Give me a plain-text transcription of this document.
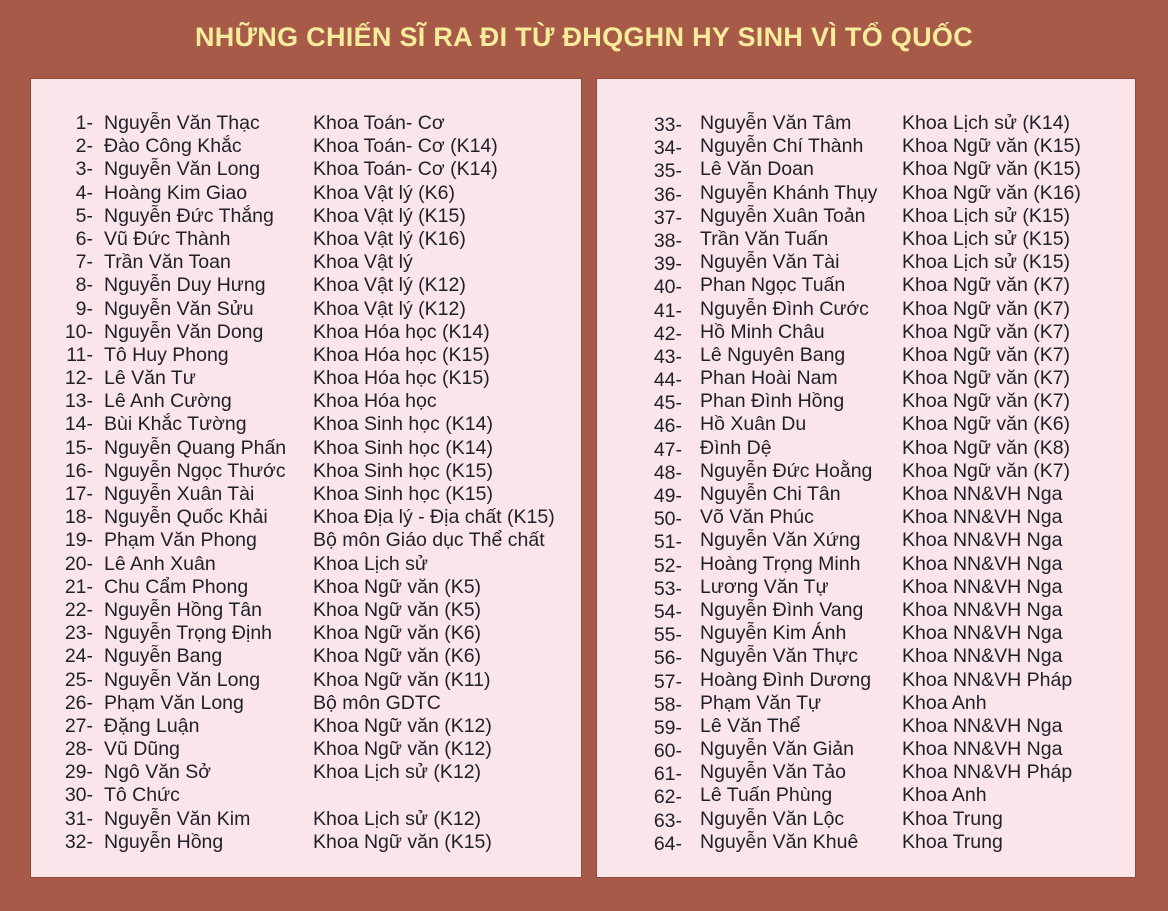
NHỮNG CHIẾN SĨ RA ĐI TỪ ĐHQGHN HY SINH VÌ TỔ QUỐC
1- Nguyễn Văn Thạc	Khoa Toán- Cơ
2- Đào Công Khắc	Khoa Toán- Cơ (K14)
3- Nguyễn Văn Long	Khoa Toán- Cơ (K14)
4- Hoàng Kim Giao	Khoa Vật lý (K6)
5- Nguyễn Đức Thắng Khoa Vật lý (K15)
6- Vũ Đức Thành	Khoa Vật lý (K16)
7- Trần Văn Toan	Khoa Vật lý
8- Nguyễn Duy Hưng Khoa Vật lý (K12)
9- Nguyễn Văn Sửu	Khoa Vật lý (K12)
10- Nguyễn Văn Dong	Khoa Hóa học (K14)
11- Tô Huy Phong	Khoa Hóa học (K15)
12- Lê Văn Tư	Khoa Hóa học (K15)
13- Lê Anh Cường	Khoa Hóa học
14- Bùi Khắc Tường	Khoa Sinh học (K14)
15- Nguyễn Quang Phấn Khoa Sinh học (K14)
16- Nguyễn Ngọc Thước Khoa Sinh học (K15)
17- Nguyễn Xuân Tài	Khoa Sinh học (K15)
18- Nguyễn Quốc Khải Khoa Địa lý - Địa chất (K15)
19- Phạm Văn Phong	Bộ môn Giáo dục Thể chất
20- Lê Anh Xuân	Khoa Lịch sử
21- Chu Cẩm Phong	Khoa Ngữ văn (K5)
22- Nguyễn Hồng Tân	Khoa Ngữ văn (K5)
23- Nguyễn Trọng Định Khoa Ngữ văn (K6)
24- Nguyễn Bang	Khoa Ngữ văn (K6)
25- Nguyễn Văn Long	Khoa Ngữ văn (K11)
26- Phạm Văn Long	Bộ môn GDTC
27- Đặng Luận	Khoa Ngữ văn (K12)
28- Vũ Dũng	Khoa Ngữ văn (K12)
29- Ngô Văn Sở	Khoa Lịch sử (K12)
30- Tô Chức
31- Nguyễn Văn Kim	Khoa Lịch sử (K12)
32- Nguyễn Hồng	Khoa Ngữ văn (K15)
33- Nguyễn Văn Tâm	Khoa Lịch sử (K14)
34- Nguyễn Chí Thành Khoa Ngữ văn (K15)
35- Lê Văn Doan	Khoa Ngữ văn (K15)
36- Nguyễn Khánh Thụy Khoa Ngữ văn (K16)
37- Nguyễn Xuân Toản Khoa Lịch sử (K15)
38- Trần Văn Tuấn	Khoa Lịch sử (K15)
39- Nguyễn Văn Tài	Khoa Lịch sử (K15)
40- Phan Ngọc Tuấn	Khoa Ngữ văn (K7)
41- Nguyễn Đình Cước Khoa Ngữ văn (K7)
42- Hồ Minh Châu	Khoa Ngữ văn (K7)
43- Lê Nguyên Bang	Khoa Ngữ văn (K7)
44- Phan Hoài Nam	Khoa Ngữ văn (K7)
45- Phan Đình Hồng	Khoa Ngữ văn (K7)
46- Hồ Xuân Du	Khoa Ngữ văn (K6)
47- Đình Dệ	Khoa Ngữ văn (K8)
48- Nguyễn Đức Hoằng Khoa Ngữ văn (K7)
49- Nguyễn Chi Tân	Khoa NN&VH Nga
50- Võ Văn Phúc	Khoa NN&VH Nga
51- Nguyễn Văn Xứng Khoa NN&VH Nga
52- Hoàng Trọng Minh Khoa NN&VH Nga
53- Lương Văn Tự	Khoa NN&VH Nga
54- Nguyễn Đình Vang Khoa NN&VH Nga
55- Nguyễn Kim Ánh	Khoa NN&VH Nga
56- Nguyễn Văn Thực Khoa NN&VH Nga
57- Hoàng Đình Dương Khoa NN&VH Pháp
58- Phạm Văn Tự	Khoa Anh
59- Lê Văn Thể	Khoa NN&VH Nga
60- Nguyễn Văn Giản Khoa NN&VH Nga
61- Nguyễn Văn Tảo	Khoa NN&VH Pháp
62- Lê Tuấn Phùng	Khoa Anh
63- Nguyễn Văn Lộc	Khoa Trung
64- Nguyễn Văn Khuê Khoa Trung
